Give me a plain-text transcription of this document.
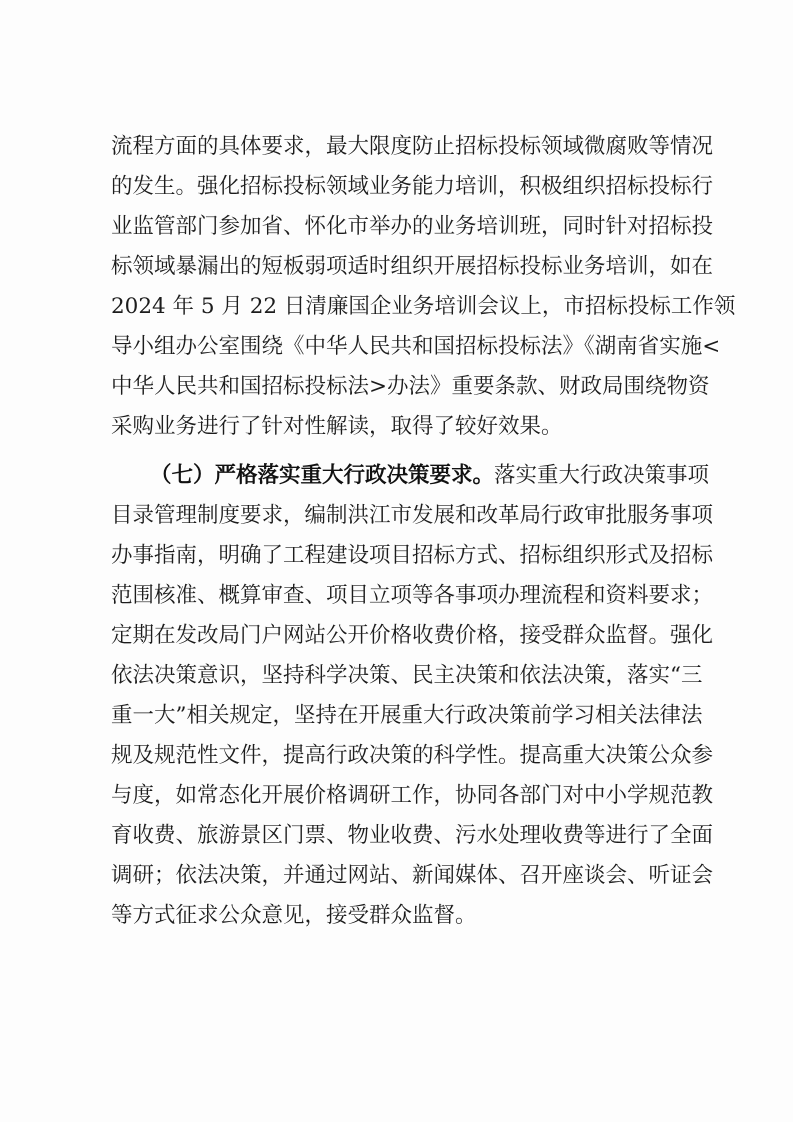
流程方面的具体要求，最大限度防止招标投标领域微腐败等情况
的发生。强化招标投标领域业务能力培训，积极组织招标投标行
业监管部门参加省、怀化市举办的业务培训班，同时针对招标投
标领域暴漏出的短板弱项适时组织开展招标投标业务培训，如在
2024 年 5 月 22 日清廉国企业务培训会议上，市招标投标工作领
导小组办公室围绕《中华人民共和国招标投标法》《湖南省实施<
中华人民共和国招标投标法>办法》重要条款、财政局围绕物资
采购业务进行了针对性解读，取得了较好效果。
（七）严格落实重大行政决策要求。落实重大行政决策事项
目录管理制度要求，编制洪江市发展和改革局行政审批服务事项
办事指南，明确了工程建设项目招标方式、招标组织形式及招标
范围核准、概算审查、项目立项等各事项办理流程和资料要求；
定期在发改局门户网站公开价格收费价格，接受群众监督。强化
依法决策意识，坚持科学决策、民主决策和依法决策，落实“三
重一大”相关规定，坚持在开展重大行政决策前学习相关法律法
规及规范性文件，提高行政决策的科学性。提高重大决策公众参
与度，如常态化开展价格调研工作，协同各部门对中小学规范教
育收费、旅游景区门票、物业收费、污水处理收费等进行了全面
调研；依法决策，并通过网站、新闻媒体、召开座谈会、听证会
等方式征求公众意见，接受群众监督。
